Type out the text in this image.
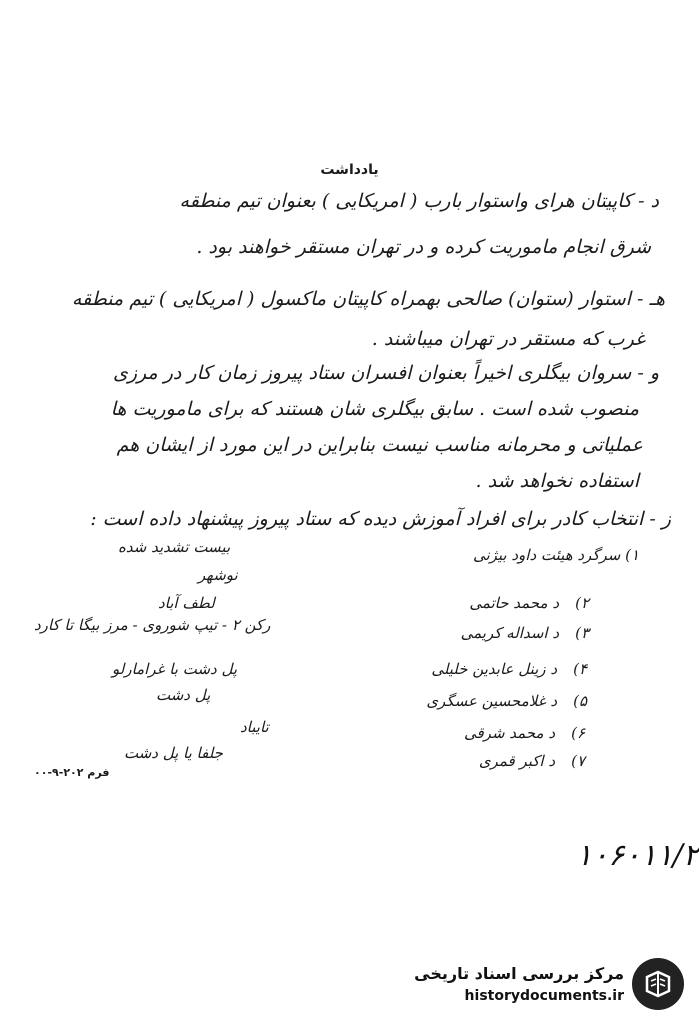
یادداشت
د - کاپیتان هرای واستوار بارب ( امریکایی ) بعنوان تیم منطقه
شرق انجام ماموریت کرده و در تهران مستقر خواهند بود .
هـ - استوار (ستوان) صالحی بهمراه کاپیتان ماکسول ( امریکایی ) تیم منطقه
غرب که مستقر در تهران میباشند .
و - سروان بیگلری اخیراً بعنوان افسران ستاد پیروز زمان کار در مرزی
منصوب شده است . سابق بیگلری شان هستند که برای ماموریت ها
عملیاتی و محرمانه مناسب نیست بنابراین در این مورد از ایشان هم
استفاده نخواهد شد .
ز - انتخاب کادر برای افراد آموزش دیده که ستاد پیروز پیشنهاد داده است :
۱) سرگرد هیئت داود بیژنی
بیست تشدید شده
نوشهر
۲)
د محمد حاتمی
لطف آباد
۳)
د اسداله کریمی
رکن ۲ - تیپ شوروی - مرز بیگا تا کارد
۴)
د زینل عابدین خلیلی
پل دشت با غرامارلو
۵)
د غلامحسین عسگری
پل دشت
۶)
د محمد شرقی
تایباد
۷)
د اکبر قمری
جلفا یا پل دشت
فرم ۲۰۲-۹-۰۰
۱۰۶۰۱۱/۲
مرکز بررسی اسناد تاریخی
historydocuments.ir
